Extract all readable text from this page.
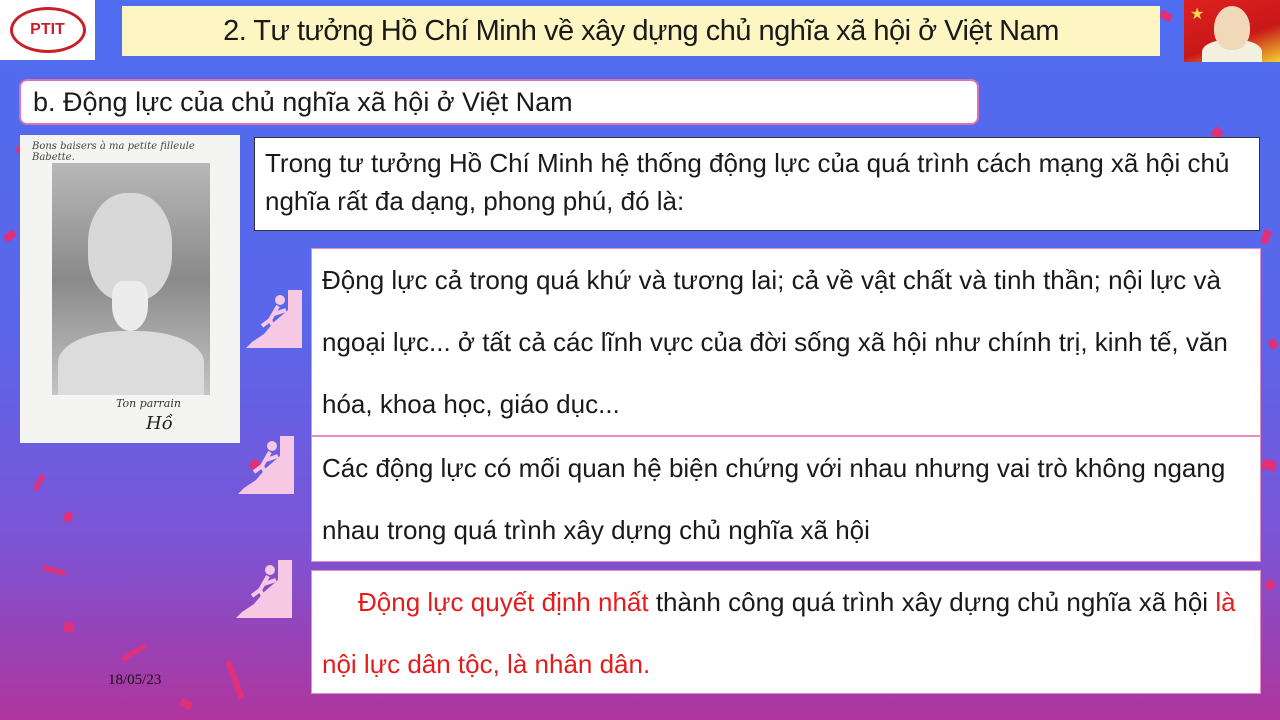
PTIT	2. Tư tưởng Hồ Chí Minh về xây dựng chủ nghĩa xã hội ở Việt Nam	★
b. Động lực của chủ nghĩa xã hội ở Việt Nam
Bons baisers à ma petite filleule Babette.
Ton parrain
Hồ
Trong tư tưởng Hồ Chí Minh hệ thống động lực của quá trình cách mạng xã hội chủ nghĩa rất đa dạng, phong phú, đó là:
Động lực cả trong quá khứ và tương lai; cả về vật chất và tinh thần; nội lực và ngoại lực... ở tất cả các lĩnh vực của đời sống xã hội như chính trị, kinh tế, văn hóa, khoa học, giáo dục...
Các động lực có mối quan hệ biện chứng với nhau nhưng vai trò không ngang nhau trong quá trình xây dựng chủ nghĩa xã hội
Động lực quyết định nhất thành công quá trình xây dựng chủ nghĩa xã hội là nội lực dân tộc, là nhân dân.
18/05/23
